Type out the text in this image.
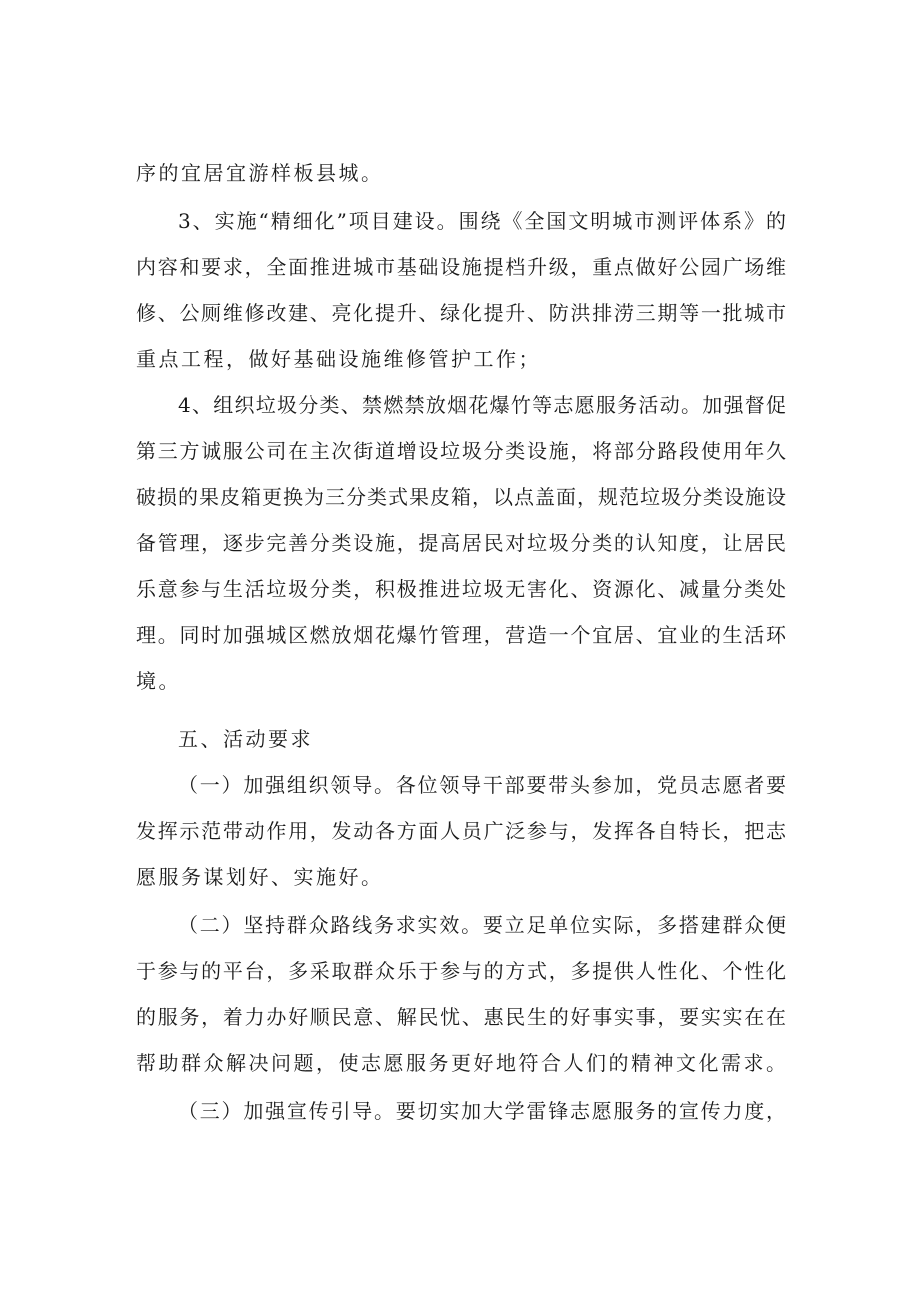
序的宜居宜游样板县城。
3、实施“精细化”项目建设。围绕《全国文明城市测评体系》的
内容和要求，全面推进城市基础设施提档升级，重点做好公园广场维
修、公厕维修改建、亮化提升、绿化提升、防洪排涝三期等一批城市
重点工程，做好基础设施维修管护工作；
4、组织垃圾分类、禁燃禁放烟花爆竹等志愿服务活动。加强督促
第三方诚服公司在主次街道增设垃圾分类设施，将部分路段使用年久
破损的果皮箱更换为三分类式果皮箱，以点盖面，规范垃圾分类设施设
备管理，逐步完善分类设施，提高居民对垃圾分类的认知度，让居民
乐意参与生活垃圾分类，积极推进垃圾无害化、资源化、减量分类处
理。同时加强城区燃放烟花爆竹管理，营造一个宜居、宜业的生活环
境。
五、活动要求
（一）加强组织领导。各位领导干部要带头参加，党员志愿者要
发挥示范带动作用，发动各方面人员广泛参与，发挥各自特长，把志
愿服务谋划好、实施好。
（二）坚持群众路线务求实效。要立足单位实际，多搭建群众便
于参与的平台，多采取群众乐于参与的方式，多提供人性化、个性化
的服务，着力办好顺民意、解民忧、惠民生的好事实事，要实实在在
帮助群众解决问题，使志愿服务更好地符合人们的精神文化需求。
（三）加强宣传引导。要切实加大学雷锋志愿服务的宣传力度，
